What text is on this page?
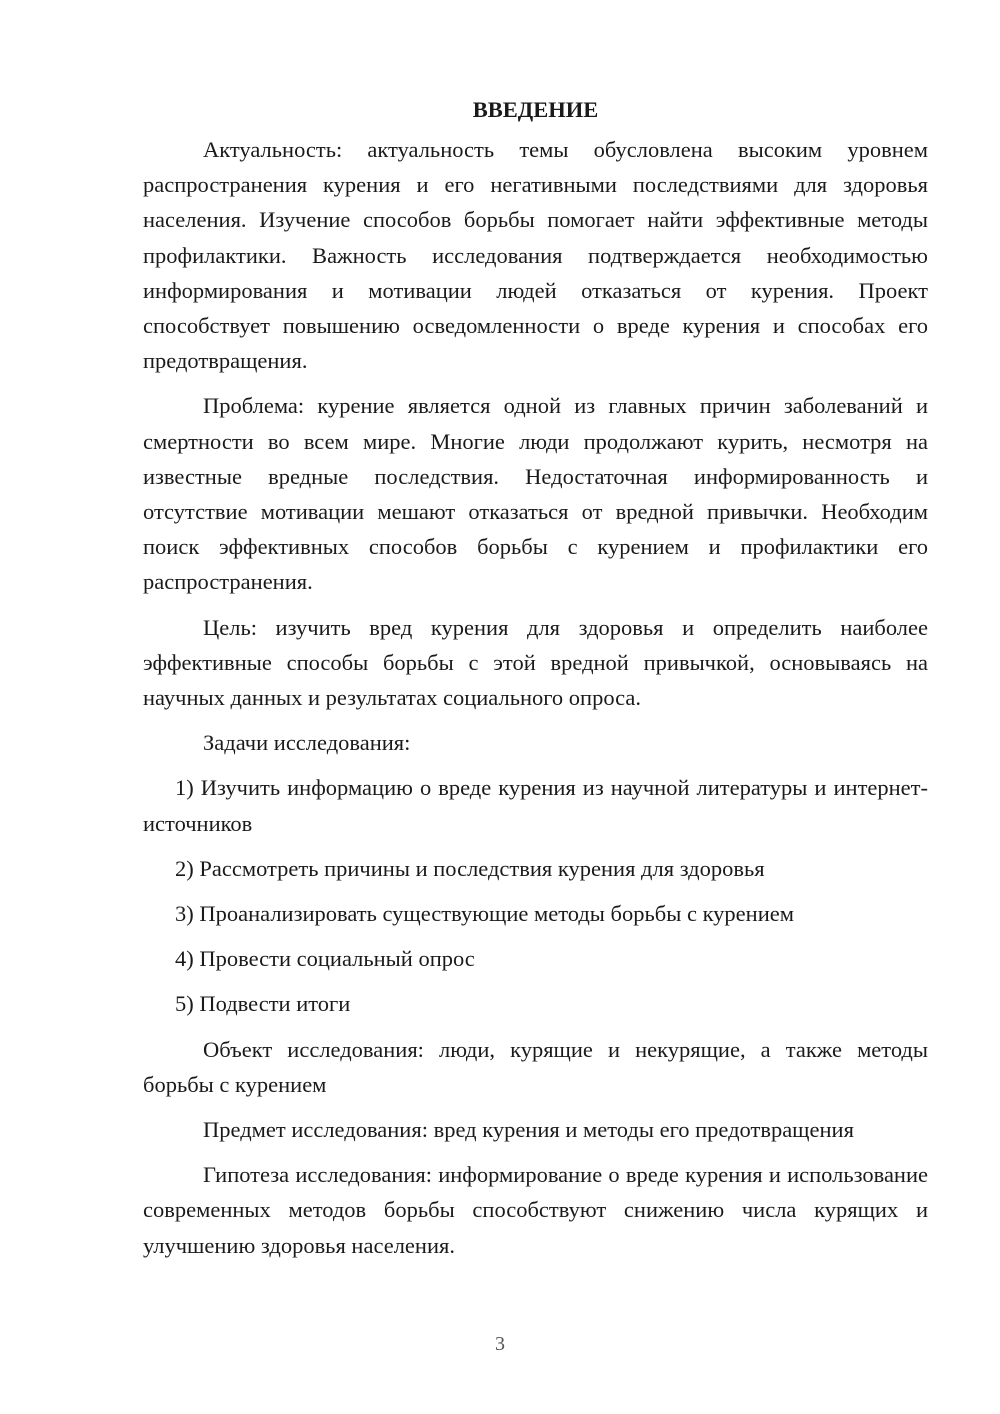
ВВЕДЕНИЕ

Актуальность: актуальность темы обусловлена высоким уровнем распространения курения и его негативными последствиями для здоровья населения. Изучение способов борьбы помогает найти эффективные методы профилактики. Важность исследования подтверждается необходимостью информирования и мотивации людей отказаться от курения. Проект способствует повышению осведомленности о вреде курения и способах его предотвращения.

Проблема: курение является одной из главных причин заболеваний и смертности во всем мире. Многие люди продолжают курить, несмотря на известные вредные последствия. Недостаточная информированность и отсутствие мотивации мешают отказаться от вредной привычки. Необходим поиск эффективных способов борьбы с курением и профилактики его распространения.

Цель: изучить вред курения для здоровья и определить наиболее эффективные способы борьбы с этой вредной привычкой, основываясь на научных данных и результатах социального опроса.

Задачи исследования:

1) Изучить информацию о вреде курения из научной литературы и интернет-источников

2) Рассмотреть причины и последствия курения для здоровья

3) Проанализировать существующие методы борьбы с курением

4) Провести социальный опрос

5) Подвести итоги

Объект исследования: люди, курящие и некурящие, а также методы борьбы с курением

Предмет исследования: вред курения и методы его предотвращения

Гипотеза исследования: информирование о вреде курения и использование современных методов борьбы способствуют снижению числа курящих и улучшению здоровья населения.

3
